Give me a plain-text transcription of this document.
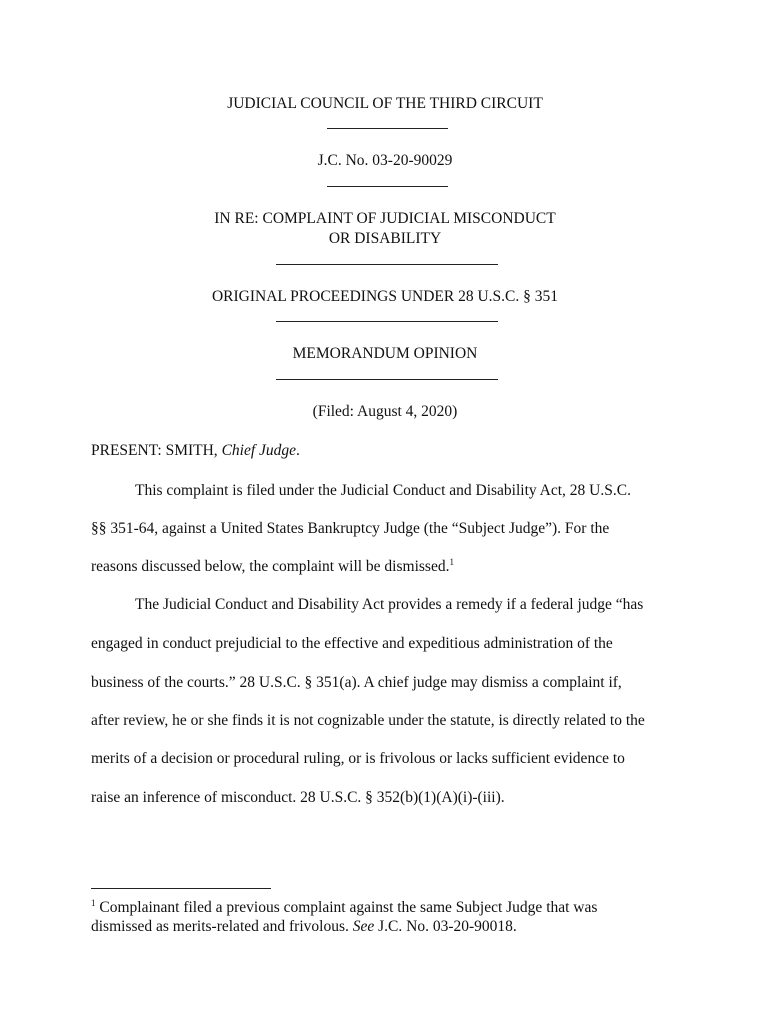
JUDICIAL COUNCIL OF THE THIRD CIRCUIT
J.C. No. 03-20-90029
IN RE: COMPLAINT OF JUDICIAL MISCONDUCT
OR DISABILITY
ORIGINAL PROCEEDINGS UNDER 28 U.S.C. § 351
MEMORANDUM OPINION
(Filed: August 4, 2020)
PRESENT: SMITH, Chief Judge.
This complaint is filed under the Judicial Conduct and Disability Act, 28 U.S.C.
§§ 351-64, against a United States Bankruptcy Judge (the “Subject Judge”). For the
reasons discussed below, the complaint will be dismissed.$^1$
The Judicial Conduct and Disability Act provides a remedy if a federal judge “has
engaged in conduct prejudicial to the effective and expeditious administration of the
business of the courts.” 28 U.S.C. § 351(a). A chief judge may dismiss a complaint if,
after review, he or she finds it is not cognizable under the statute, is directly related to the
merits of a decision or procedural ruling, or is frivolous or lacks sufficient evidence to
raise an inference of misconduct. 28 U.S.C. § 352(b)(1)(A)(i)-(iii).
$^1$ Complainant filed a previous complaint against the same Subject Judge that was
dismissed as merits-related and frivolous. See J.C. No. 03-20-90018.
